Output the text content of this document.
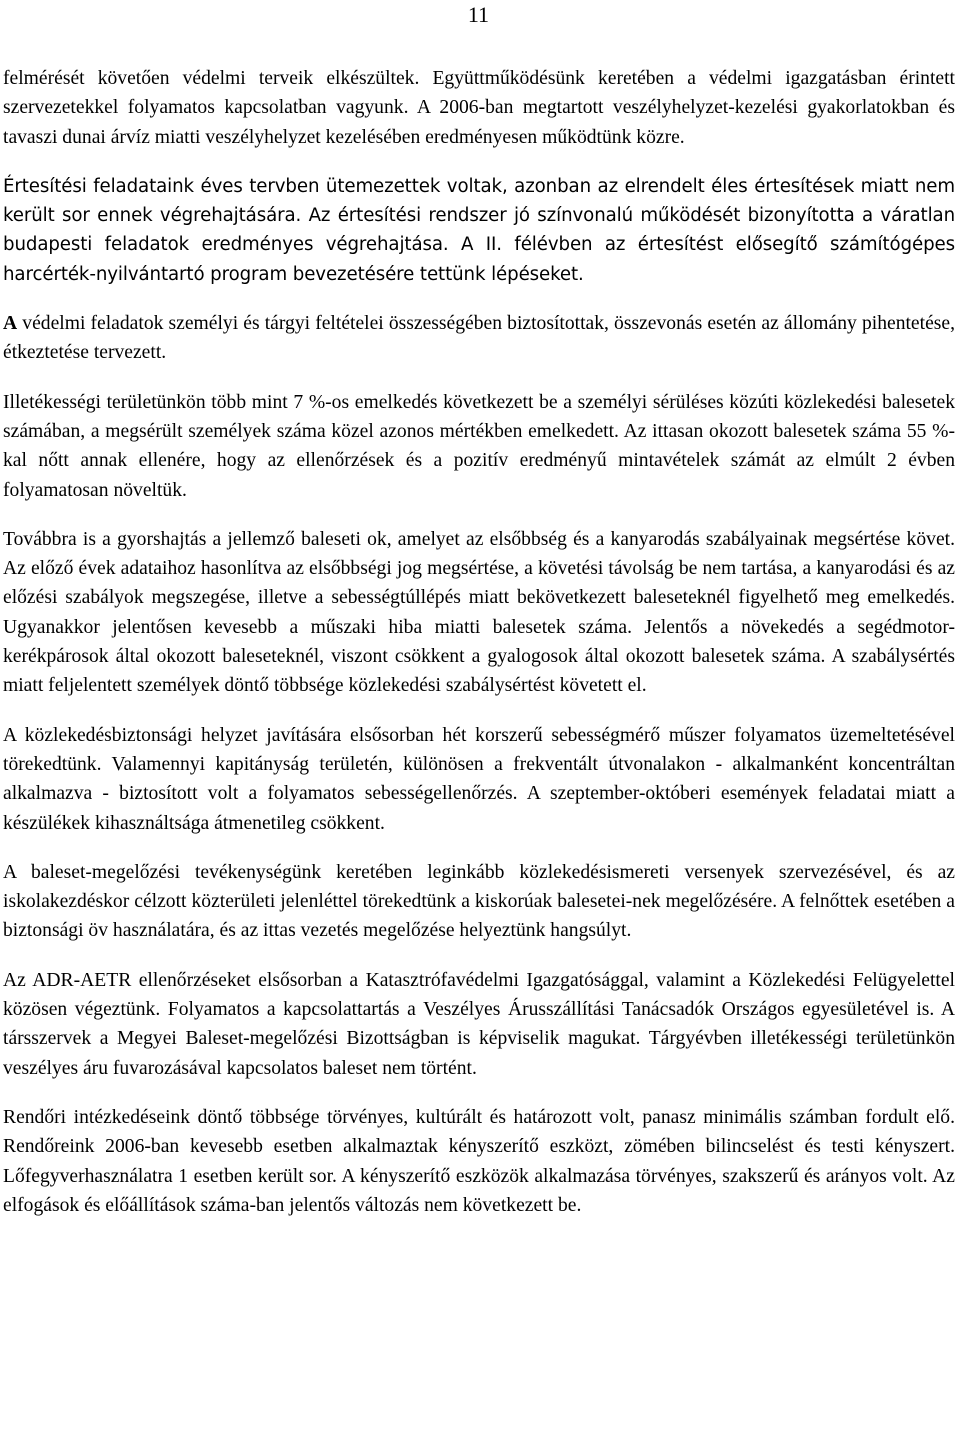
11

felmérését követően védelmi terveik elkészültek. Együttműködésünk keretében a védelmi igazgatásban érintett szervezetekkel folyamatos kapcsolatban vagyunk. A 2006-ban megtartott veszélyhelyzet-kezelési gyakorlatokban és tavaszi dunai árvíz miatti veszélyhelyzet kezelésében eredményesen működtünk közre.

Értesítési feladataink éves tervben ütemezettek voltak, azonban az elrendelt éles értesítések miatt nem került sor ennek végrehajtására. Az értesítési rendszer jó színvonalú működését bizonyította a váratlan budapesti feladatok eredményes végrehajtása. A II. félévben az értesítést elősegítő számítógépes harcérték-nyilvántartó program bevezetésére tettünk lépéseket.

A védelmi feladatok személyi és tárgyi feltételei összességében biztosítottak, összevonás esetén az állomány pihentetése, étkeztetése tervezett.

Illetékességi területünkön több mint 7 %-os emelkedés következett be a személyi sérüléses közúti közlekedési balesetek számában, a megsérült személyek száma közel azonos mértékben emelkedett. Az ittasan okozott balesetek száma 55 %-kal nőtt annak ellenére, hogy az ellenőrzések és a pozitív eredményű mintavételek számát az elmúlt 2 évben folyamatosan növeltük.

Továbbra is a gyorshajtás a jellemző baleseti ok, amelyet az elsőbbség és a kanyarodás szabályainak megsértése követ. Az előző évek adataihoz hasonlítva az elsőbbségi jog megsértése, a követési távolság be nem tartása, a kanyarodási és az előzési szabályok megszegése, illetve a sebességtúllépés miatt bekövetkezett baleseteknél figyelhető meg emelkedés. Ugyanakkor jelentősen kevesebb a műszaki hiba miatti balesetek száma. Jelentős a növekedés a segédmotor-kerékpárosok által okozott baleseteknél, viszont csökkent a gyalogosok által okozott balesetek száma. A szabálysértés miatt feljelentett személyek döntő többsége közlekedési szabálysértést követett el.

A közlekedésbiztonsági helyzet javítására elsősorban hét korszerű sebességmérő műszer folyamatos üzemeltetésével törekedtünk. Valamennyi kapitányság területén, különösen a frekventált útvonalakon - alkalmanként koncentráltan alkalmazva - biztosított volt a folyamatos sebességellenőrzés. A szeptember-októberi események feladatai miatt a készülékek kihasználtsága átmenetileg csökkent.

A baleset-megelőzési tevékenységünk keretében leginkább közlekedésismereti versenyek szervezésével, és az iskolakezdéskor célzott közterületi jelenléttel törekedtünk a kiskorúak balesetei-nek megelőzésére. A felnőttek esetében a biztonsági öv használatára, és az ittas vezetés megelőzése helyeztünk hangsúlyt.

Az ADR-AETR ellenőrzéseket elsősorban a Katasztrófavédelmi Igazgatósággal, valamint a Közlekedési Felügyelettel közösen végeztünk. Folyamatos a kapcsolattartás a Veszélyes Árusszállítási Tanácsadók Országos egyesületével is. A társszervek a Megyei Baleset-megelőzési Bizottságban is képviselik magukat. Tárgyévben illetékességi területünkön veszélyes áru fuvarozásával kapcsolatos baleset nem történt.

Rendőri intézkedéseink döntő többsége törvényes, kultúrált és határozott volt, panasz minimális számban fordult elő. Rendőreink 2006-ban kevesebb esetben alkalmaztak kényszerítő eszközt, zömében bilincselést és testi kényszert. Lőfegyverhasználatra 1 esetben került sor. A kényszerítő eszközök alkalmazása törvényes, szakszerű és arányos volt. Az elfogások és előállítások száma-ban jelentős változás nem következett be.
